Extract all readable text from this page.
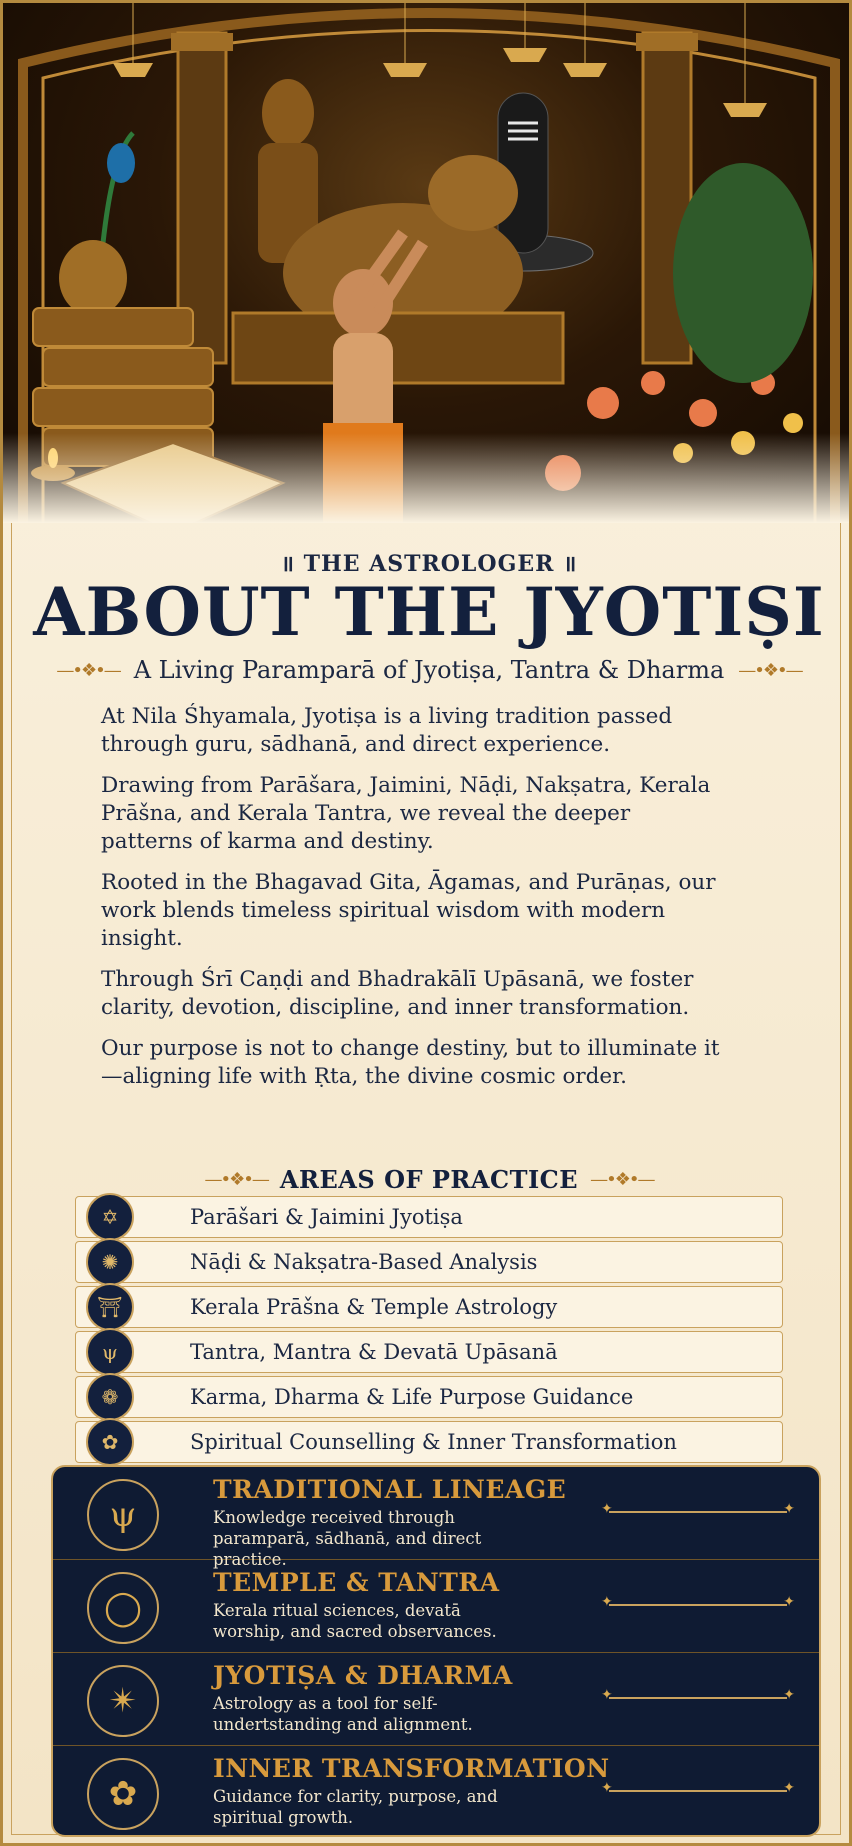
॥ THE ASTROLOGER ॥
ABOUT THE JYOTIṢI
—•❖•— A Living Paramparā of Jyotiṣa, Tantra & Dharma —•❖•—

At Nila Śhyamala, Jyotiṣa is a living tradition passed through guru, sādhanā, and direct experience.

Drawing from Parāšara, Jaimini, Nāḍi, Nakṣatra, Kerala Prāšna, and Kerala Tantra, we reveal the deeper patterns of karma and destiny.

Rooted in the Bhagavad Gita, Āgamas, and Purāṇas, our work blends timeless spiritual wisdom with modern insight.

Through Śrī Caṇḍi and Bhadrakālī Upāsanā, we foster clarity, devotion, discipline, and inner transformation.

Our purpose is not to change destiny, but to illuminate it—aligning life with Ṛta, the divine cosmic order.

—•❖•— AREAS OF PRACTICE —•❖•—
✡	Parāšari & Jaimini Jyotiṣa
✺	Nāḍi & Nakṣatra-Based Analysis
⛩	Kerala Prāšna & Temple Astrology
ψ	Tantra, Mantra & Devatā Upāsanā
❁	Karma, Dharma & Life Purpose Guidance
✿	Spiritual Counselling & Inner Transformation
ψ
TRADITIONAL LINEAGE
Knowledge received through paramparā, sādhanā, and direct practice.
✦ ✦
◯
TEMPLE & TANTRA
Kerala ritual sciences, devatā worship, and sacred observances.
✦ ✦
✴
JYOTIṢA & DHARMA
Astrology as a tool for self-undertstanding and alignment.
✦ ✦
✿
INNER TRANSFORMATION
Guidance for clarity, purpose, and spiritual growth.
✦ ✦
